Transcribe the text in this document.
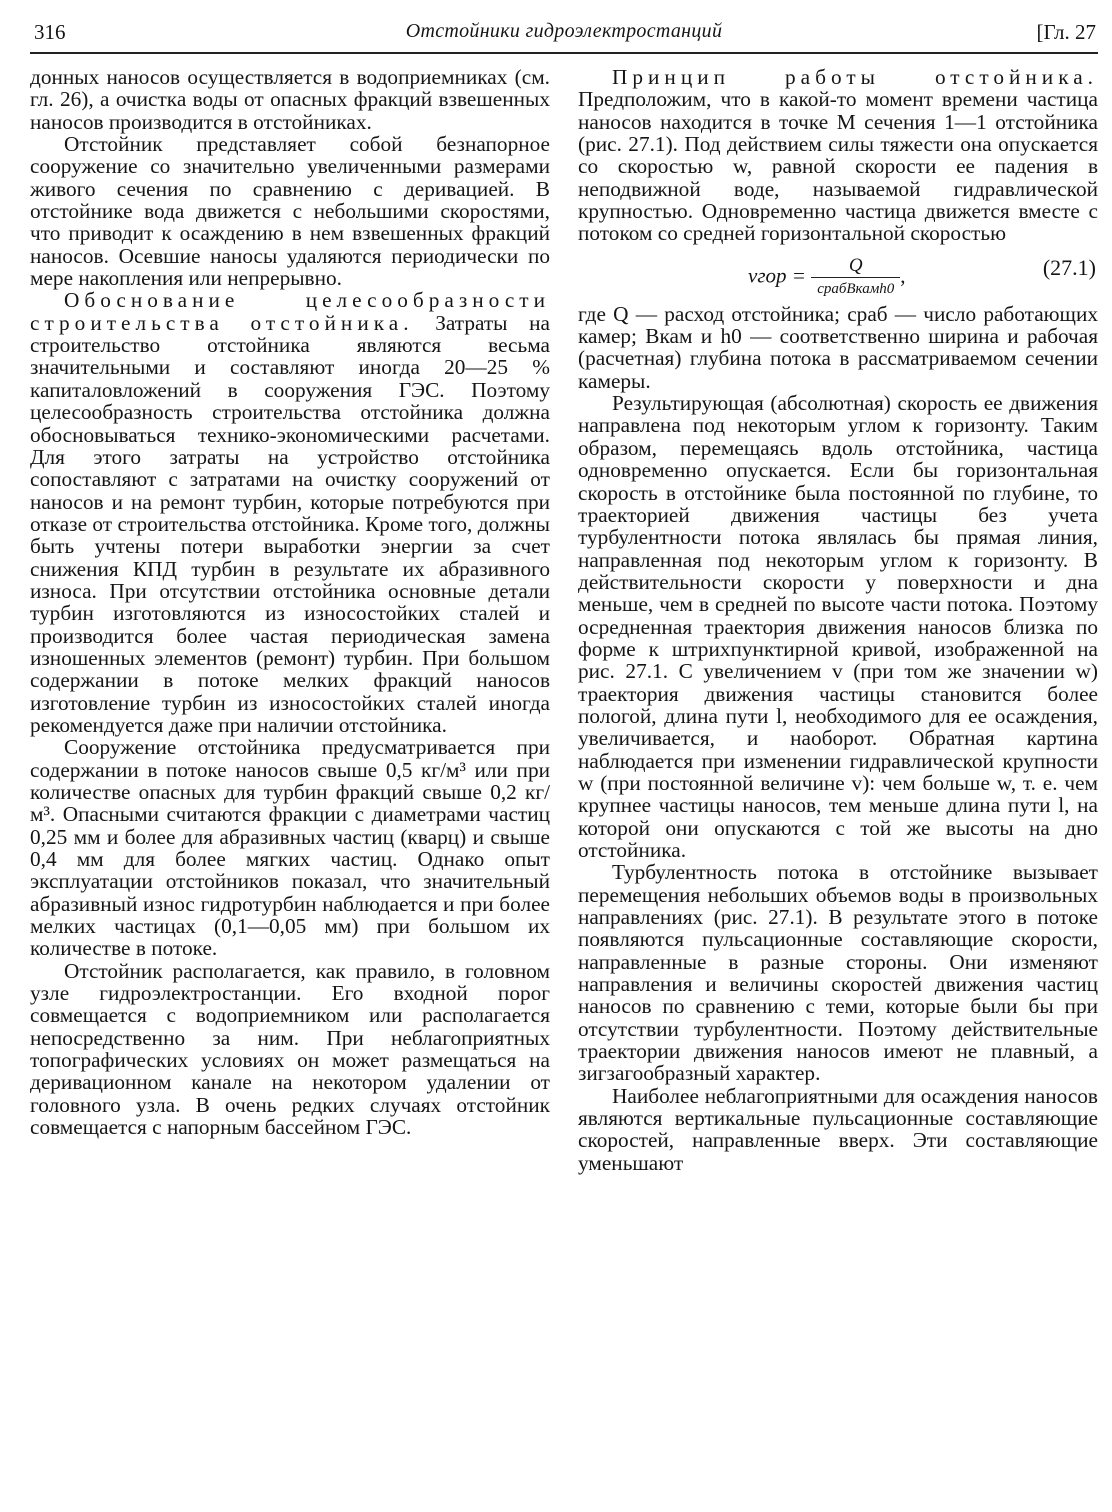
316	Отстойники гидроэлектростанций	[Гл. 27

донных наносов осуществляется в водоприемниках (см. гл. 26), а очистка воды от опасных фракций взвешенных наносов производится в отстойниках.

Отстойник представляет собой безнапорное сооружение со значительно увеличенными размерами живого сечения по сравнению с деривацией. В отстойнике вода движется с небольшими скоростями, что приводит к осаждению в нем взвешенных фракций наносов. Осевшие наносы удаляются периодически по мере накопления или непрерывно.

Обоснование целесообразности строительства отстойника. Затраты на строительство отстойника являются весьма значительными и составляют иногда 20—25 % капиталовложений в сооружения ГЭС. Поэтому целесообразность строительства отстойника должна обосновываться технико-экономическими расчетами. Для этого затраты на устройство отстойника сопоставляют с затратами на очистку сооружений от наносов и на ремонт турбин, которые потребуются при отказе от строительства отстойника. Кроме того, должны быть учтены потери выработки энергии за счет снижения КПД турбин в результате их абразивного износа. При отсутствии отстойника основные детали турбин изготовляются из износостойких сталей и производится более частая периодическая замена изношенных элементов (ремонт) турбин. При большом содержании в потоке мелких фракций наносов изготовление турбин из износостойких сталей иногда рекомендуется даже при наличии отстойника.

Сооружение отстойника предусматривается при содержании в потоке наносов свыше 0,5 кг/м³ или при количестве опасных для турбин фракций свыше 0,2 кг/м³. Опасными считаются фракции с диаметрами частиц 0,25 мм и более для абразивных частиц (кварц) и свыше 0,4 мм для более мягких частиц. Однако опыт эксплуатации отстойников показал, что значительный абразивный износ гидротурбин наблюдается и при более мелких частицах (0,1—0,05 мм) при большом их количестве в потоке.

Отстойник располагается, как правило, в головном узле гидроэлектростанции. Его входной порог совмещается с водоприемником или располагается непосредственно за ним. При неблагоприятных топографических условиях он может размещаться на деривационном канале на некотором удалении от головного узла. В очень редких случаях отстойник совмещается с напорным бассейном ГЭС.

Принцип работы отстойника. Предположим, что в какой-то момент времени частица наносов находится в точке М сечения 1—1 отстойника (рис. 27.1). Под действием силы тяжести она опускается со скоростью w, равной скорости ее падения в неподвижной воде, называемой гидравлической крупностью. Одновременно частица движется вместе с потоком со средней горизонтальной скоростью

vгор = $\frac{Q}{\text{cрабBкамh0}}$ ,	(27.1)

где Q — расход отстойника; cраб — число работающих камер; Bкам и h0 — соответственно ширина и рабочая (расчетная) глубина потока в рассматриваемом сечении камеры.

Результирующая (абсолютная) скорость ее движения направлена под некоторым углом к горизонту. Таким образом, перемещаясь вдоль отстойника, частица одновременно опускается. Если бы горизонтальная скорость в отстойнике была постоянной по глубине, то траекторией движения частицы без учета турбулентности потока являлась бы прямая линия, направленная под некоторым углом к горизонту. В действительности скорости у поверхности и дна меньше, чем в средней по высоте части потока. Поэтому осредненная траектория движения наносов близка по форме к штрихпунктирной кривой, изображенной на рис. 27.1. С увеличением v (при том же значении w) траектория движения частицы становится более пологой, длина пути l, необходимого для ее осаждения, увеличивается, и наоборот. Обратная картина наблюдается при изменении гидравлической крупности w (при постоянной величине v): чем больше w, т. е. чем крупнее частицы наносов, тем меньше длина пути l, на которой они опускаются с той же высоты на дно отстойника.

Турбулентность потока в отстойнике вызывает перемещения небольших объемов воды в произвольных направлениях (рис. 27.1). В результате этого в потоке появляются пульсационные составляющие скорости, направленные в разные стороны. Они изменяют направления и величины скоростей движения частиц наносов по сравнению с теми, которые были бы при отсутствии турбулентности. Поэтому действительные траектории движения наносов имеют не плавный, а зигзагообразный характер.

Наиболее неблагоприятными для осаждения наносов являются вертикальные пульсационные составляющие скоростей, направленные вверх. Эти составляющие уменьшают
